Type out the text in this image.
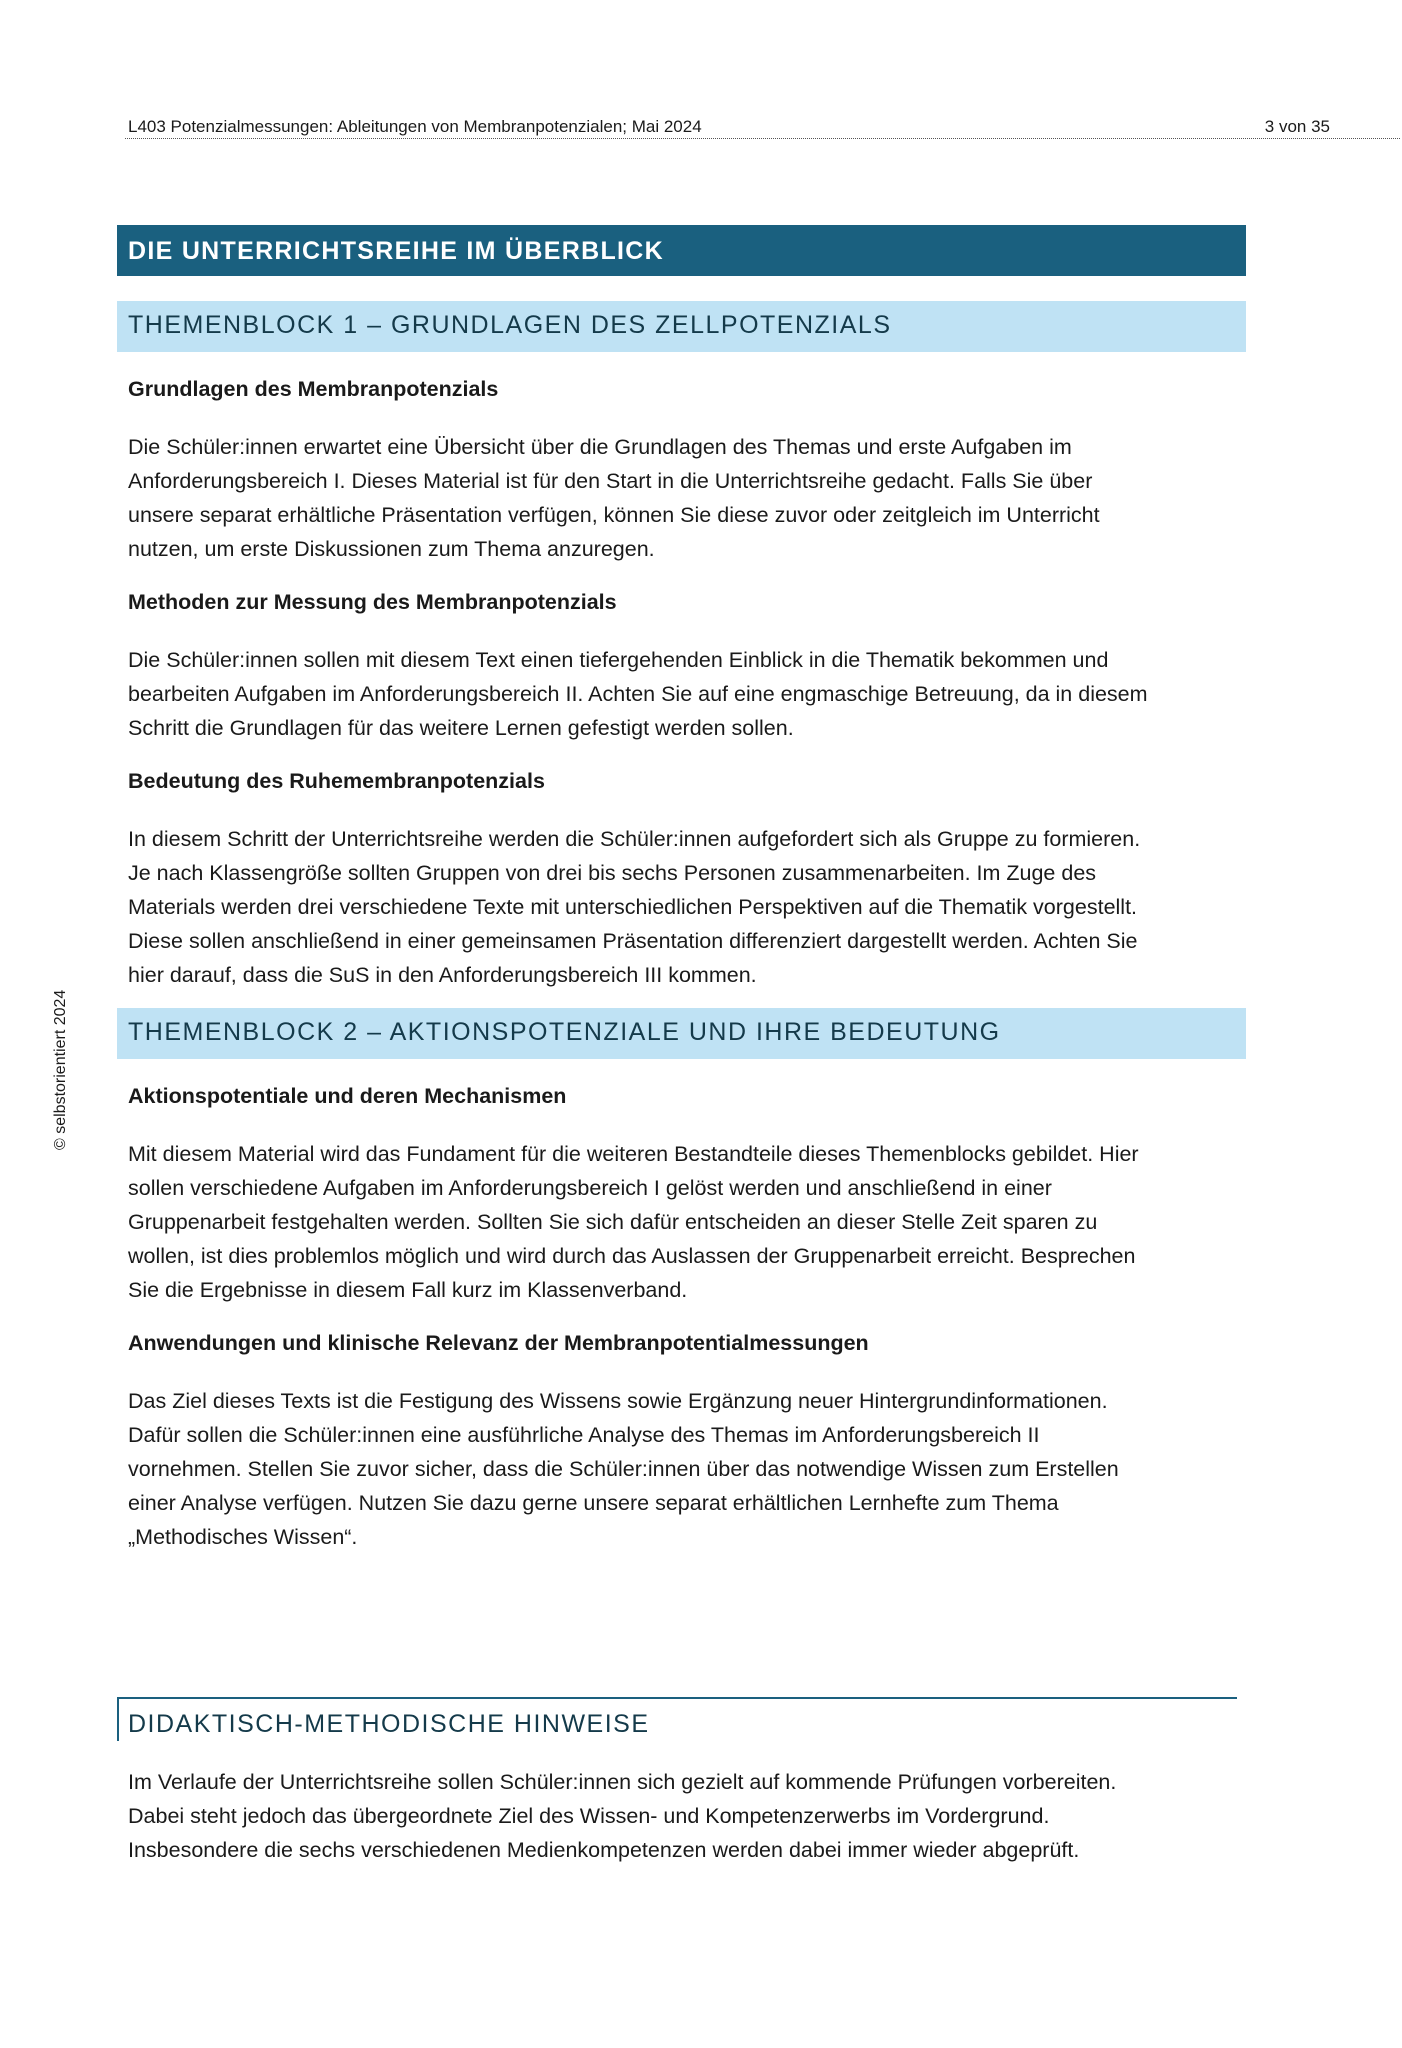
L403 Potenzialmessungen: Ableitungen von Membranpotenzialen; Mai 2024	3 von 35
© selbstorientiert 2024
DIE UNTERRICHTSREIHE IM ÜBERBLICK
THEMENBLOCK 1 – GRUNDLAGEN DES ZELLPOTENZIALS

Grundlagen des Membranpotenzials

Die Schüler:innen erwartet eine Übersicht über die Grundlagen des Themas und erste Aufgaben im
Anforderungsbereich I. Dieses Material ist für den Start in die Unterrichtsreihe gedacht. Falls Sie über
unsere separat erhältliche Präsentation verfügen, können Sie diese zuvor oder zeitgleich im Unterricht
nutzen, um erste Diskussionen zum Thema anzuregen.

Methoden zur Messung des Membranpotenzials

Die Schüler:innen sollen mit diesem Text einen tiefergehenden Einblick in die Thematik bekommen und
bearbeiten Aufgaben im Anforderungsbereich II. Achten Sie auf eine engmaschige Betreuung, da in diesem
Schritt die Grundlagen für das weitere Lernen gefestigt werden sollen.

Bedeutung des Ruhemembranpotenzials

In diesem Schritt der Unterrichtsreihe werden die Schüler:innen aufgefordert sich als Gruppe zu formieren.
Je nach Klassengröße sollten Gruppen von drei bis sechs Personen zusammenarbeiten. Im Zuge des
Materials werden drei verschiedene Texte mit unterschiedlichen Perspektiven auf die Thematik vorgestellt.
Diese sollen anschließend in einer gemeinsamen Präsentation differenziert dargestellt werden. Achten Sie
hier darauf, dass die SuS in den Anforderungsbereich III kommen.
THEMENBLOCK 2 – AKTIONSPOTENZIALE UND IHRE BEDEUTUNG

Aktionspotentiale und deren Mechanismen

Mit diesem Material wird das Fundament für die weiteren Bestandteile dieses Themenblocks gebildet. Hier
sollen verschiedene Aufgaben im Anforderungsbereich I gelöst werden und anschließend in einer
Gruppenarbeit festgehalten werden. Sollten Sie sich dafür entscheiden an dieser Stelle Zeit sparen zu
wollen, ist dies problemlos möglich und wird durch das Auslassen der Gruppenarbeit erreicht. Besprechen
Sie die Ergebnisse in diesem Fall kurz im Klassenverband.

Anwendungen und klinische Relevanz der Membranpotentialmessungen

Das Ziel dieses Texts ist die Festigung des Wissens sowie Ergänzung neuer Hintergrundinformationen.
Dafür sollen die Schüler:innen eine ausführliche Analyse des Themas im Anforderungsbereich II
vornehmen. Stellen Sie zuvor sicher, dass die Schüler:innen über das notwendige Wissen zum Erstellen
einer Analyse verfügen. Nutzen Sie dazu gerne unsere separat erhältlichen Lernhefte zum Thema
„Methodisches Wissen“.
DIDAKTISCH-METHODISCHE HINWEISE
Im Verlaufe der Unterrichtsreihe sollen Schüler:innen sich gezielt auf kommende Prüfungen vorbereiten.
Dabei steht jedoch das übergeordnete Ziel des Wissen- und Kompetenzerwerbs im Vordergrund.
Insbesondere die sechs verschiedenen Medienkompetenzen werden dabei immer wieder abgeprüft.
